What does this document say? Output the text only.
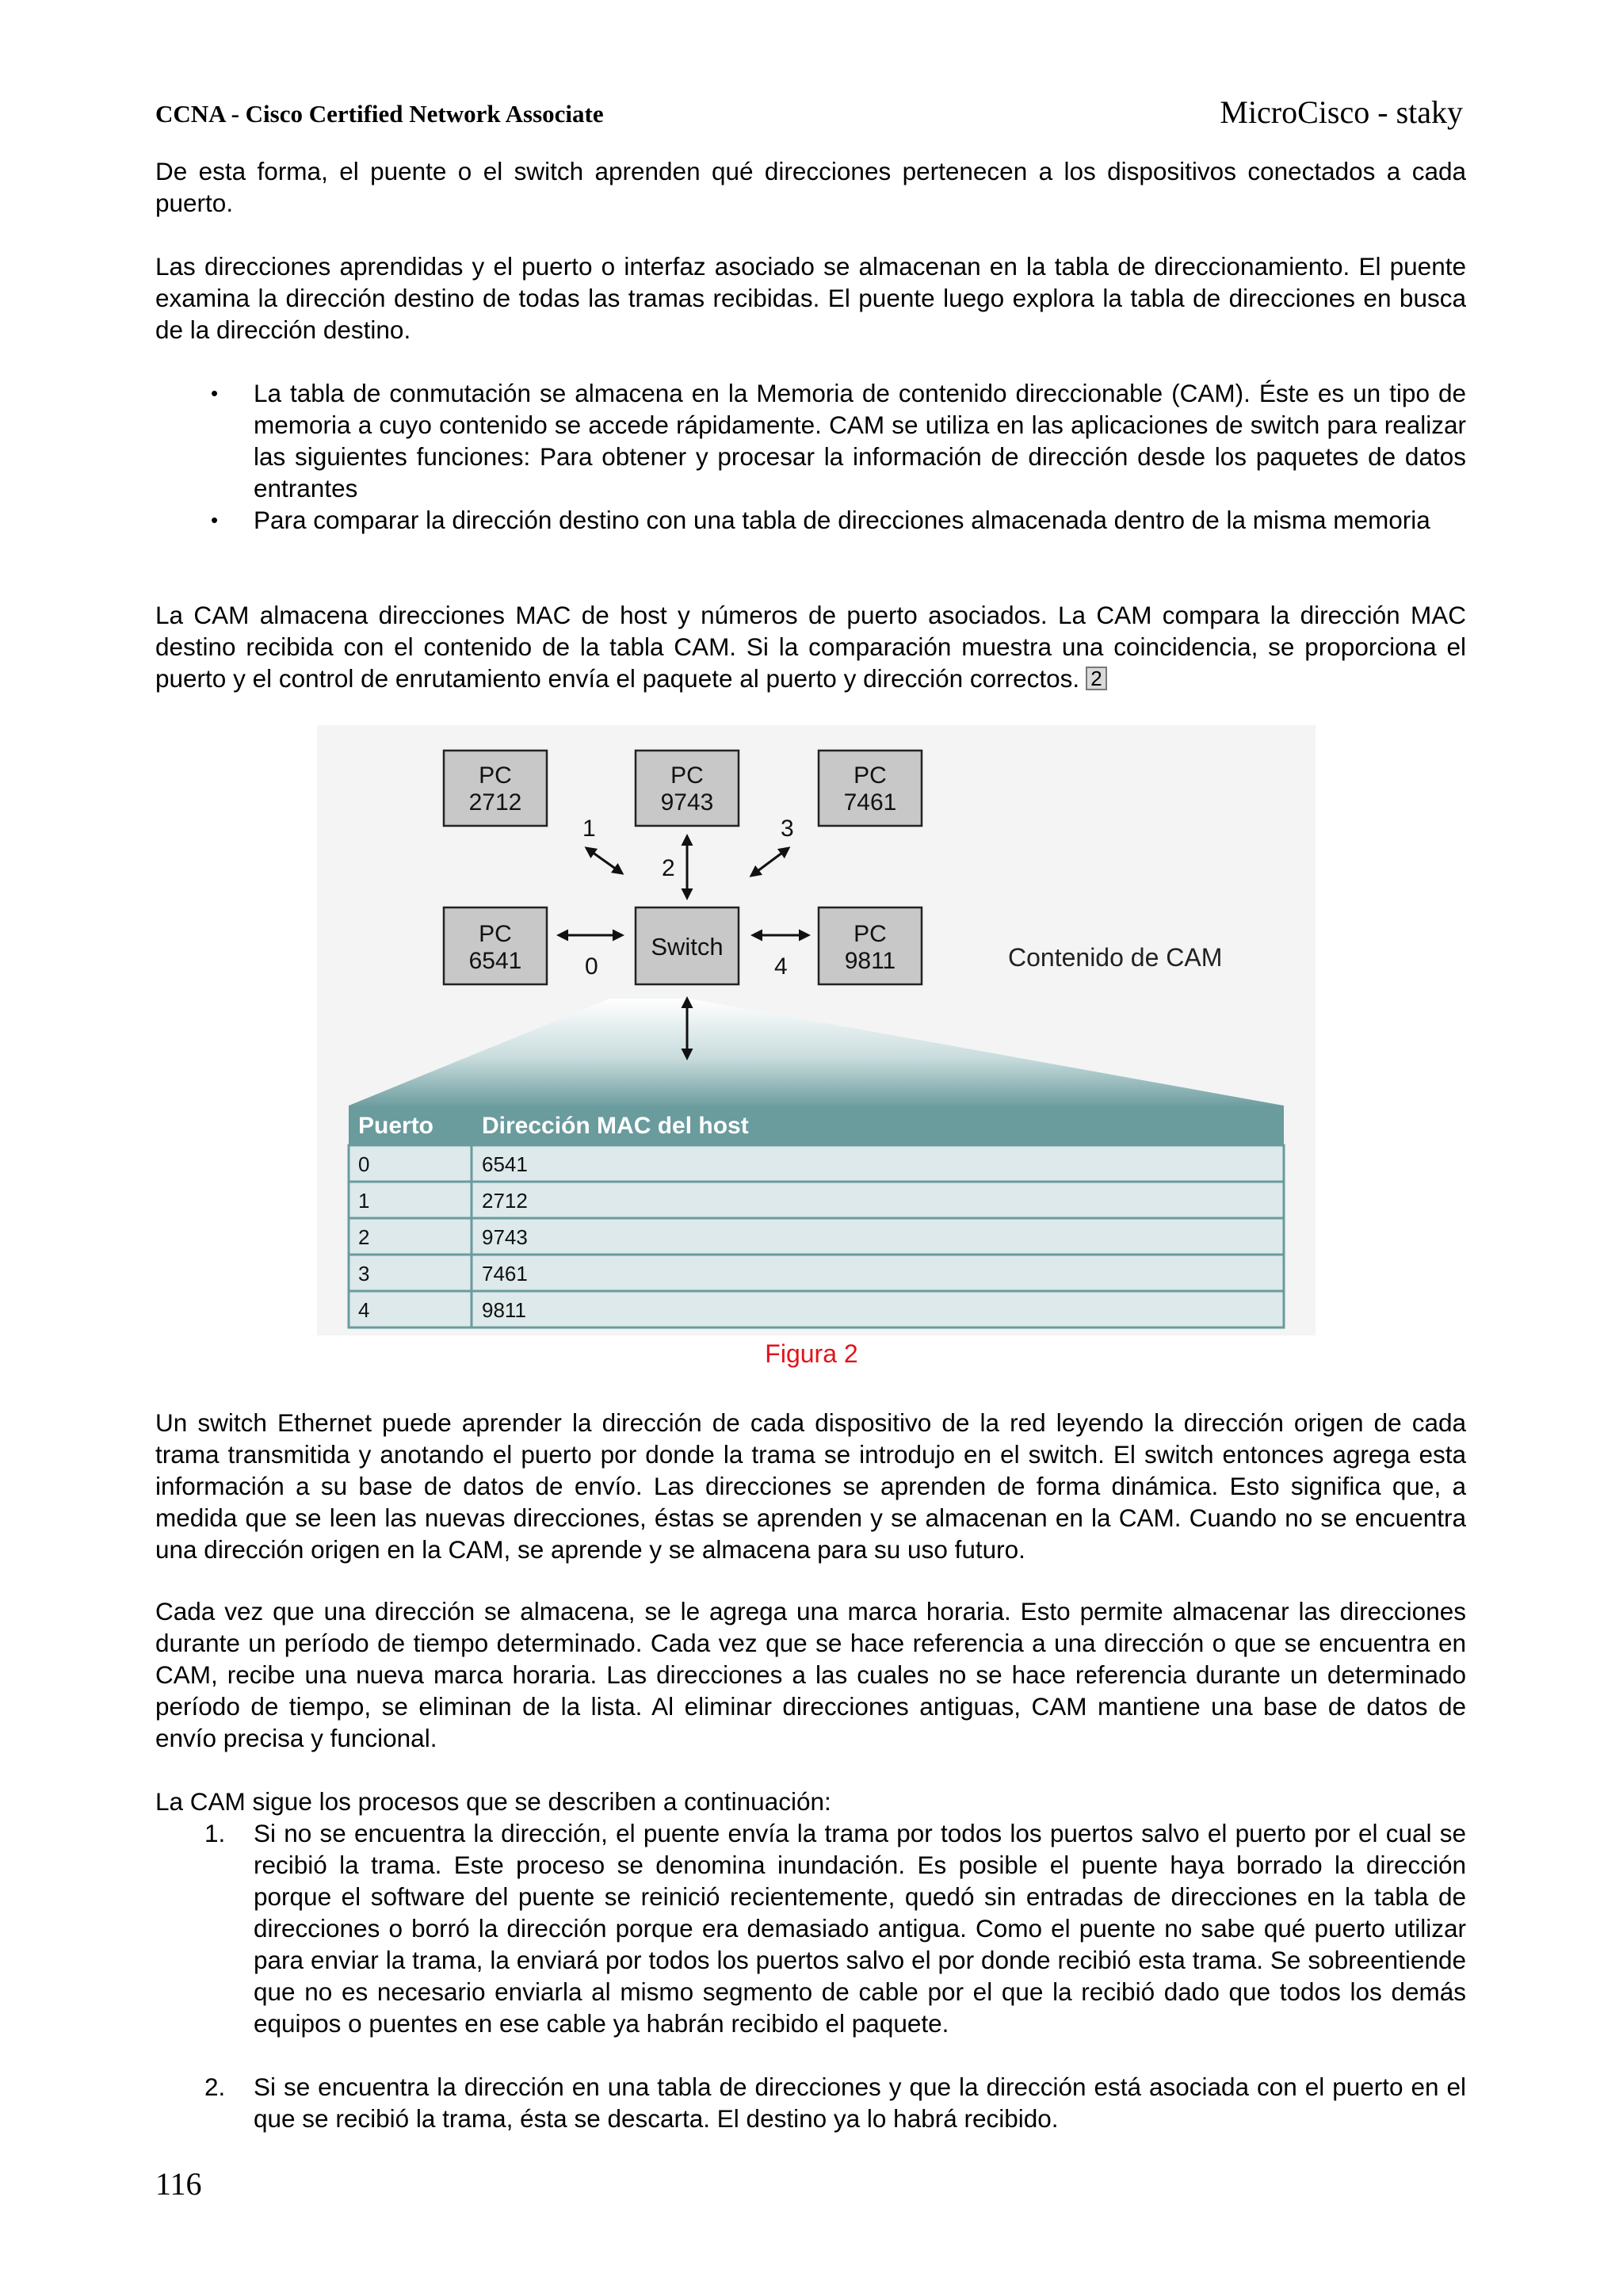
CCNA - Cisco Certified Network Associate	MicroCisco - staky

De esta forma, el puente o el switch aprenden qué direcciones pertenecen a los dispositivos conectados a cada puerto.

Las direcciones aprendidas y el puerto o interfaz asociado se almacenan en la tabla de direccionamiento. El puente examina la dirección destino de todas las tramas recibidas. El puente luego explora la tabla de direcciones en busca de la dirección destino.

• La tabla de conmutación se almacena en la Memoria de contenido direccionable (CAM). Éste es un tipo de memoria a cuyo contenido se accede rápidamente. CAM se utiliza en las aplicaciones de switch para realizar las siguientes funciones: Para obtener y procesar la información de dirección desde los paquetes de datos entrantes

• Para comparar la dirección destino con una tabla de direcciones almacenada dentro de la misma memoria

La CAM almacena direcciones MAC de host y números de puerto asociados. La CAM compara la dirección MAC destino recibida con el contenido de la tabla CAM. Si la comparación muestra una coincidencia, se proporciona el puerto y el control de enrutamiento envía el paquete al puerto y dirección correctos. 2

PC
2712
PC
9743
PC
7461
PC
6541
Switch	PC
9811
1
2
3
0	4	Contenido de CAM
Puerto Dirección MAC del host
0	6541
1	2712
2	9743
3	7461
4	9811
Figura 2

Un switch Ethernet puede aprender la dirección de cada dispositivo de la red leyendo la dirección origen de cada trama transmitida y anotando el puerto por donde la trama se introdujo en el switch. El switch entonces agrega esta información a su base de datos de envío. Las direcciones se aprenden de forma dinámica. Esto significa que, a medida que se leen las nuevas direcciones, éstas se aprenden y se almacenan en la CAM. Cuando no se encuentra una dirección origen en la CAM, se aprende y se almacena para su uso futuro.

Cada vez que una dirección se almacena, se le agrega una marca horaria. Esto permite almacenar las direcciones durante un período de tiempo determinado. Cada vez que se hace referencia a una dirección o que se encuentra en CAM, recibe una nueva marca horaria. Las direcciones a las cuales no se hace referencia durante un determinado período de tiempo, se eliminan de la lista. Al eliminar direcciones antiguas, CAM mantiene una base de datos de envío precisa y funcional.

La CAM sigue los procesos que se describen a continuación:

1. Si no se encuentra la dirección, el puente envía la trama por todos los puertos salvo el puerto por el cual se recibió la trama. Este proceso se denomina inundación. Es posible el puente haya borrado la dirección porque el software del puente se reinició recientemente, quedó sin entradas de direcciones en la tabla de direcciones o borró la dirección porque era demasiado antigua. Como el puente no sabe qué puerto utilizar para enviar la trama, la enviará por todos los puertos salvo el por donde recibió esta trama. Se sobreentiende que no es necesario enviarla al mismo segmento de cable por el que la recibió dado que todos los demás equipos o puentes en ese cable ya habrán recibido el paquete.

2. Si se encuentra la dirección en una tabla de direcciones y que la dirección está asociada con el puerto en el que se recibió la trama, ésta se descarta. El destino ya lo habrá recibido.

116
